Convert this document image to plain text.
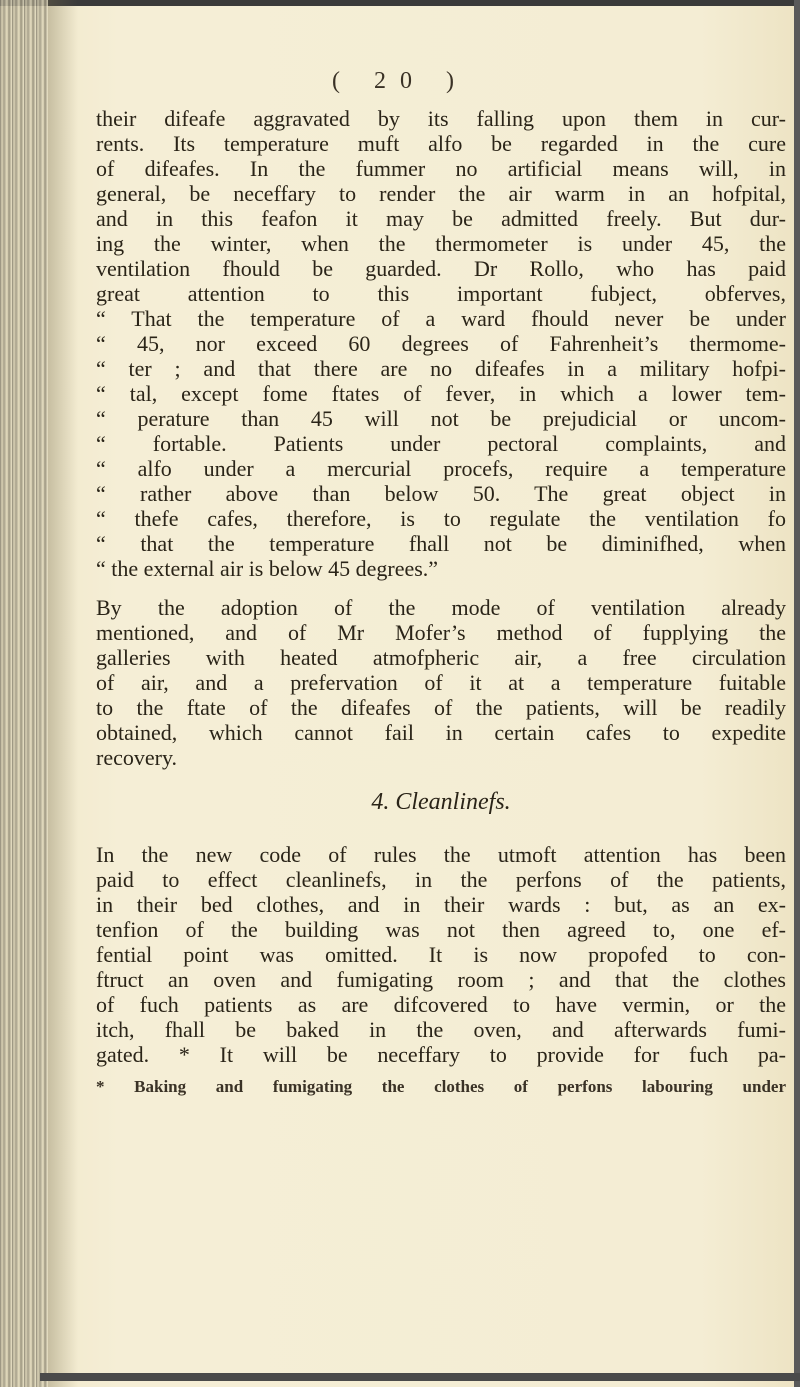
( 20 )
their difeafe aggravated by its falling upon them in cur-
rents. Its temperature muft alfo be regarded in the cure
of difeafes. In the fummer no artificial means will, in
general, be neceffary to render the air warm in an hofpital,
and in this feafon it may be admitted freely. But dur-
ing the winter, when the thermometer is under 45, the
ventilation fhould be guarded. Dr Rollo, who has paid
great attention to this important fubject, obferves,
“ That the temperature of a ward fhould never be under
“ 45, nor exceed 60 degrees of Fahrenheit’s thermome-
“ ter ; and that there are no difeafes in a military hofpi-
“ tal, except fome ftates of fever, in which a lower tem-
“ perature than 45 will not be prejudicial or uncom-
“ fortable. Patients under pectoral complaints, and
“ alfo under a mercurial procefs, require a temperature
“ rather above than below 50. The great object in
“ thefe cafes, therefore, is to regulate the ventilation fo
“ that the temperature fhall not be diminifhed, when
“ the external air is below 45 degrees.”
By the adoption of the mode of ventilation already
mentioned, and of Mr Mofer’s method of fupplying the
galleries with heated atmofpheric air, a free circulation
of air, and a prefervation of it at a temperature fuitable
to the ftate of the difeafes of the patients, will be readily
obtained, which cannot fail in certain cafes to expedite
recovery.
4. Cleanlinefs.
In the new code of rules the utmoft attention has been
paid to effect cleanlinefs, in the perfons of the patients,
in their bed clothes, and in their wards : but, as an ex-
tenfion of the building was not then agreed to, one ef-
fential point was omitted. It is now propofed to con-
ftruct an oven and fumigating room ; and that the clothes
of fuch patients as are difcovered to have vermin, or the
itch, fhall be baked in the oven, and afterwards fumi-
gated. * It will be neceffary to provide for fuch pa-
* Baking and fumigating the clothes of perfons labouring under
